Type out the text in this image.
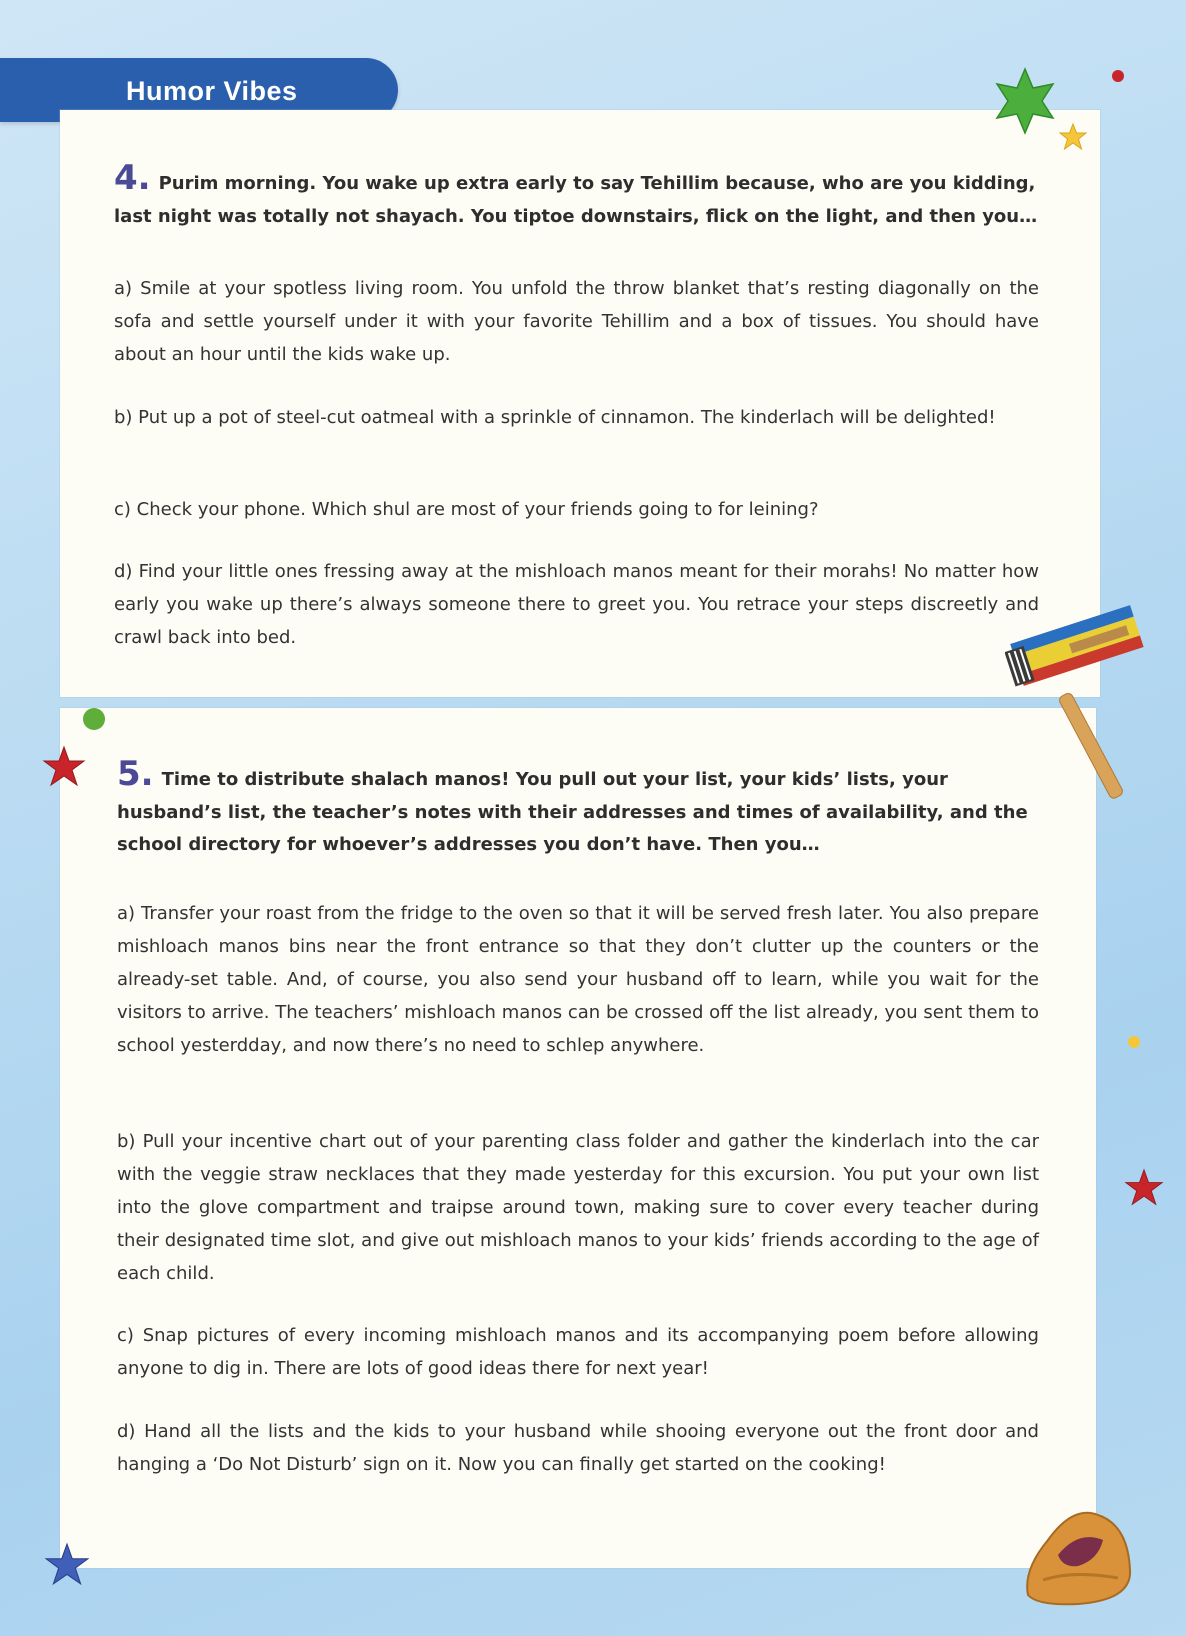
Humor Vibes
4. Purim morning. You wake up extra early to say Tehillim because, who are you kidding, last night was totally not shayach. You tiptoe downstairs, flick on the light, and then you…
a) Smile at your spotless living room. You unfold the throw blanket that’s resting diagonally on the sofa and settle yourself under it with your favorite Tehillim and a box of tissues. You should have about an hour until the kids wake up.
b) Put up a pot of steel-cut oatmeal with a sprinkle of cinnamon. The kinderlach will be delighted!
c) Check your phone. Which shul are most of your friends going to for leining?
d) Find your little ones fressing away at the mishloach manos meant for their morahs! No matter how early you wake up there’s always someone there to greet you. You retrace your steps discreetly and crawl back into bed.
5. Time to distribute shalach manos! You pull out your list, your kids’ lists, your husband’s list, the teacher’s notes with their addresses and times of availability, and the school directory for whoever’s addresses you don’t have. Then you…
a) Transfer your roast from the fridge to the oven so that it will be served fresh later. You also prepare mishloach manos bins near the front entrance so that they don’t clutter up the counters or the already-set table. And, of course, you also send your husband off to learn, while you wait for the visitors to arrive. The teachers’ mishloach manos can be crossed off the list already, you sent them to school yesterdday, and now there’s no need to schlep anywhere.
b) Pull your incentive chart out of your parenting class folder and gather the kinderlach into the car with the veggie straw necklaces that they made yesterday for this excursion. You put your own list into the glove compartment and traipse around town, making sure to cover every teacher during their designated time slot, and give out mishloach manos to your kids’ friends according to the age of each child.
c) Snap pictures of every incoming mishloach manos and its accompanying poem before allowing anyone to dig in. There are lots of good ideas there for next year!
d) Hand all the lists and the kids to your husband while shooing everyone out the front door and hanging a ‘Do Not Disturb’ sign on it. Now you can finally get started on the cooking!
